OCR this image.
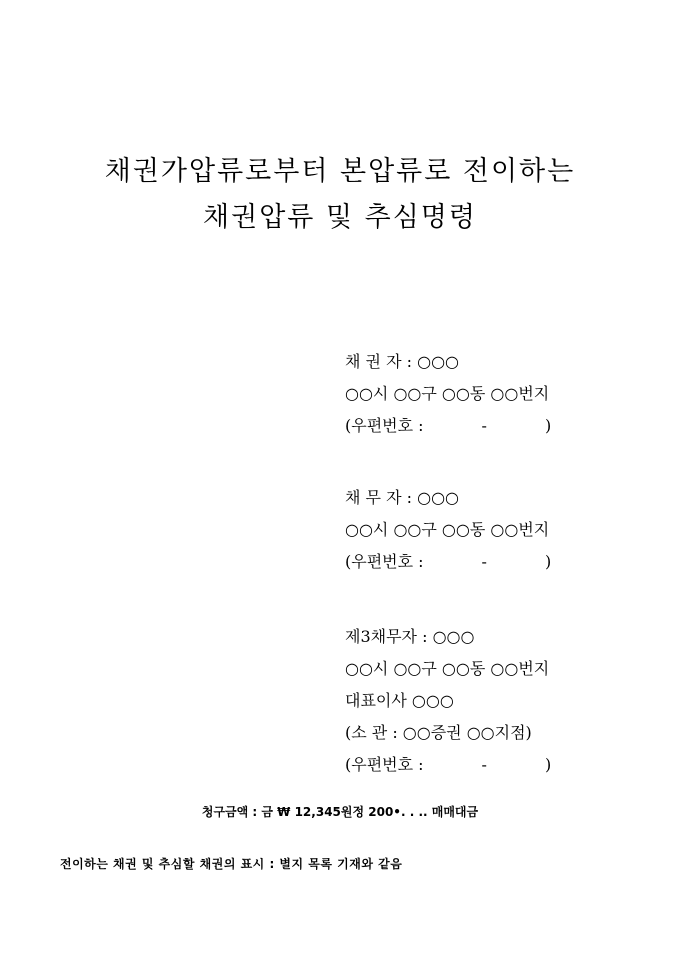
채권가압류로부터 본압류로 전이하는
채권압류 및 추심명령
채 권 자 : ○○○
○○시 ○○구 ○○동 ○○번지
(우편번호 :	-	)
채 무 자 : ○○○
○○시 ○○구 ○○동 ○○번지
(우편번호 :	-	)
제3채무자 : ○○○
○○시 ○○구 ○○동 ○○번지
대표이사 ○○○
(소 관 : ○○증권 ○○지점)
(우편번호 :	-	)
청구금액 : 금 ₩ 12,345원정 200•. . .. 매매대금
전이하는 채권 및 추심할 채권의 표시 : 별지 목록 기재와 같음
